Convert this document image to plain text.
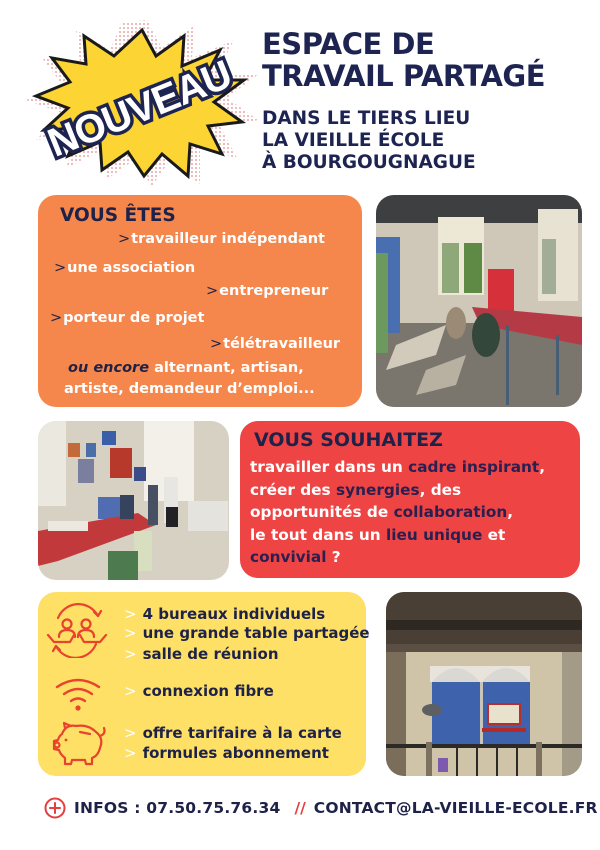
NOUVEAU
ESPACE DE
TRAVAIL PARTAGÉ
DANS LE TIERS LIEU
LA VIEILLE ÉCOLE
À BOURGOUGNAGUE
VOUS ÊTES
>travailleur indépendant
>une association
>entrepreneur
>porteur de projet
>télétravailleur
ou encore alternant, artisan,
artiste, demandeur d’emploi...
VOUS SOUHAITEZ
travailler dans un cadre inspirant,
créer des synergies, des
opportunités de collaboration,
le tout dans un lieu unique et
convivial ?
> 4 bureaux individuels
> une grande table partagée
> salle de réunion
> connexion fibre
> offre tarifaire à la carte
> formules abonnement
INFOS : 07.50.75.76.34 // CONTACT@LA-VIEILLE-ECOLE.FR
